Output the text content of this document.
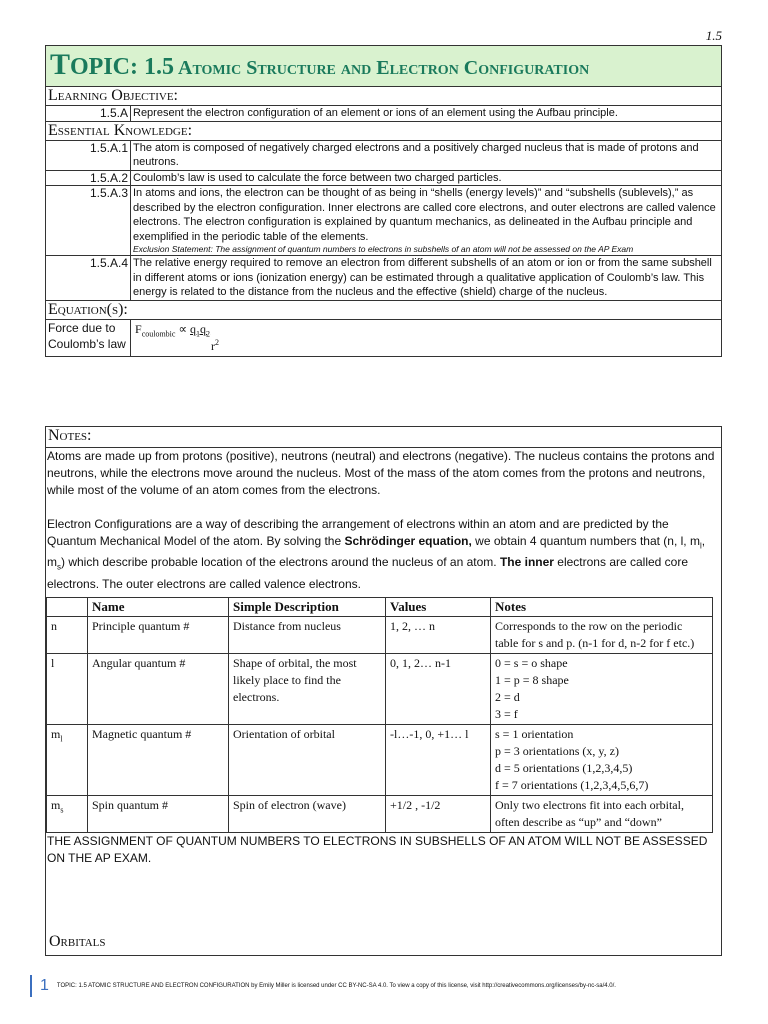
1.5
TOPIC: 1.5 Atomic Structure and Electron Configuration	
Learning Objective:	
1.5.A	Represent the electron configuration of an element or ions of an element using the Aufbau principle.
Essential Knowledge:	
1.5.A.1	The atom is composed of negatively charged electrons and a positively charged nucleus that is made of protons and neutrons.
1.5.A.2	Coulomb’s law is used to calculate the force between two charged particles.
1.5.A.3	In atoms and ions, the electron can be thought of as being in “shells (energy levels)” and “subshells (sublevels),” as described by the electron configuration. Inner electrons are called core electrons, and outer electrons are called valence electrons. The electron configuration is explained by quantum mechanics, as delineated in the Aufbau principle and exemplified in the periodic table of the elements.
Exclusion Statement: The assignment of quantum numbers to electrons in subshells of an atom will not be assessed on the AP Exam

1.5.A.4	The relative energy required to remove an electron from different subshells of an atom or ion or from the same subshell in different atoms or ions (ionization energy) can be estimated through a qualitative application of Coulomb’s law. This energy is related to the distance from the nucleus and the effective (shield) charge of the nucleus.
Equation(s):	
Force due to Coulomb’s law	$F_{coulombic} \propto q_1q_2$
$r^2$
Notes:

Atoms are made up from protons (positive), neutrons (neutral) and electrons (negative). The nucleus contains the protons and neutrons, while the electrons move around the nucleus. Most of the mass of the atom comes from the protons and neutrons, while most of the volume of an atom comes from the electrons.

Electron Configurations are a way of describing the arrangement of electrons within an atom and are predicted by the Quantum Mechanical Model of the atom. By solving the Schrödinger equation, we obtain 4 quantum numbers that (n, l, $m_l$, $m_s$) which describe probable location of the electrons around the nucleus of an atom. The inner electrons are called core electrons. The outer electrons are called valence electrons.

	Name	Simple Description	Values	Notes
n	Principle quantum #	Distance from nucleus	1, 2, … n	Corresponds to the row on the periodic table for s and p. (n-1 for d, n-2 for f etc.)
l	Angular quantum #	Shape of orbital, the most likely place to find the electrons.	0, 1, 2… n-1	0 = s = o shape
1 = p = 8 shape
2 = d
3 = f

$m_l$	Magnetic quantum #	Orientation of orbital	-l…-1, 0, +1… l	s = 1 orientation
p = 3 orientations (x, y, z)
d = 5 orientations (1,2,3,4,5)
f = 7 orientations (1,2,3,4,5,6,7)

$m_s$	Spin quantum #	Spin of electron (wave)	+1/2 , -1/2	Only two electrons fit into each orbital, often describe as “up” and “down”
THE ASSIGNMENT OF QUANTUM NUMBERS TO ELECTRONS IN SUBSHELLS OF AN ATOM WILL NOT BE ASSESSED ON THE AP EXAM.
Orbitals
1 TOPIC: 1.5 ATOMIC STRUCTURE AND ELECTRON CONFIGURATION by Emily Miller is licensed under CC BY-NC-SA 4.0. To view a copy of this license, visit http://creativecommons.org/licenses/by-nc-sa/4.0/.
